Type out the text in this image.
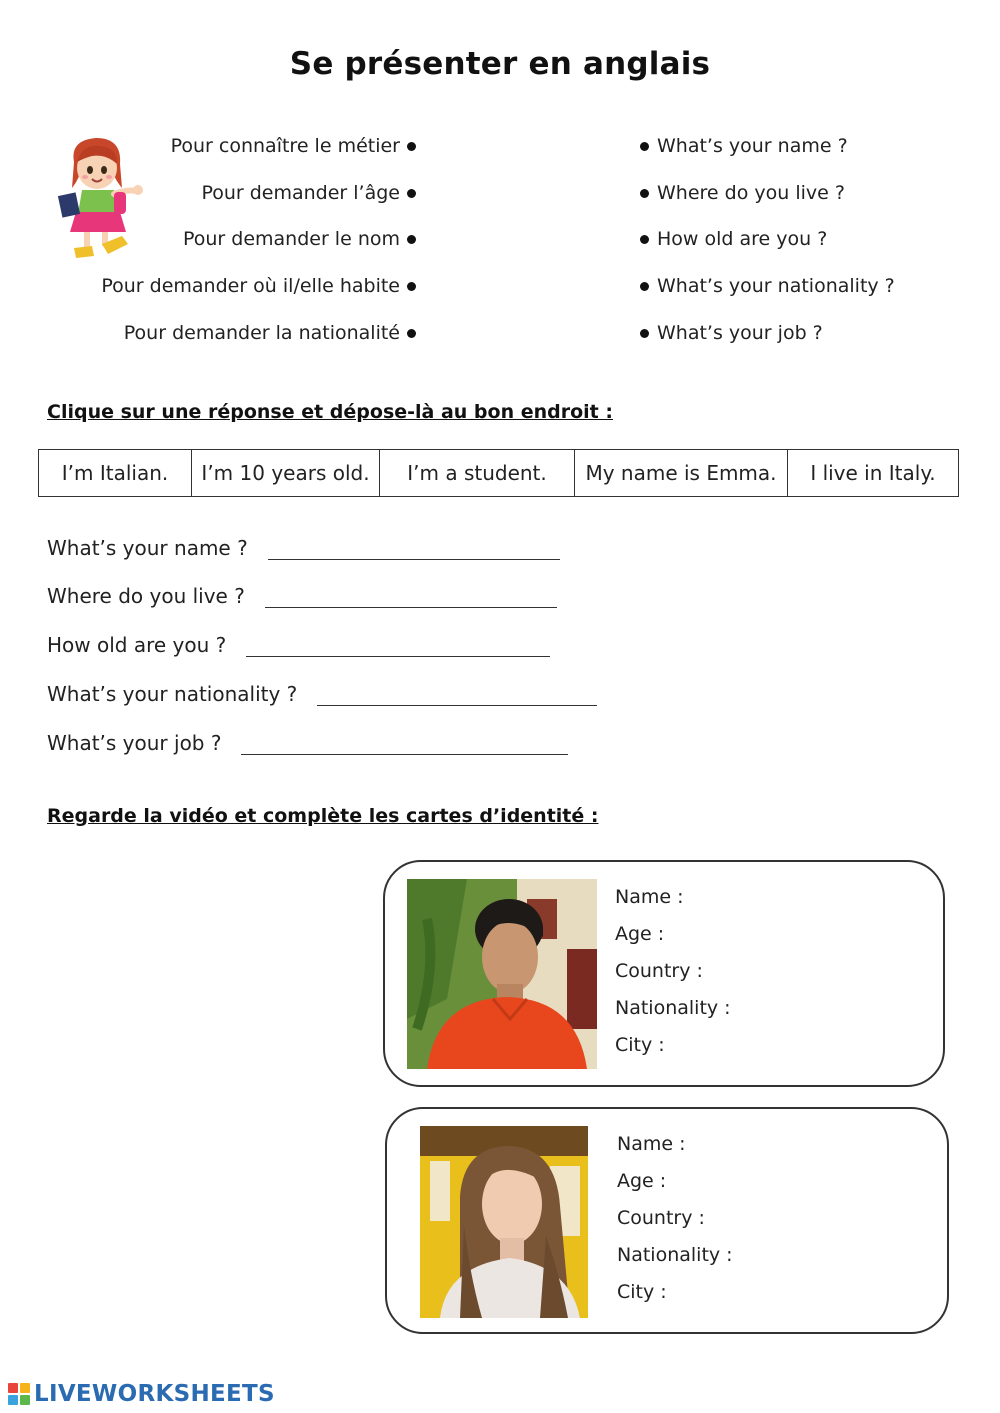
Se présenter en anglais
Pour connaître le métier
Pour demander l’âge
Pour demander le nom
Pour demander où il/elle habite
Pour demander la nationalité
What’s your name ?
Where do you live ?
How old are you ?
What’s your nationality ?
What’s your job ?
Clique sur une réponse et dépose-là au bon endroit :
I’m Italian.	I’m 10 years old.	I’m a student.	My name is Emma.	I live in Italy.
What’s your name ?
Where do you live ?
How old are you ?
What’s your nationality ?
What’s your job ?
Regarde la vidéo et complète les cartes d’identité :
Name :
Age :
Country :
Nationality :
City :
Name :
Age :
Country :
Nationality :
City :
LIVEWORKSHEETS
